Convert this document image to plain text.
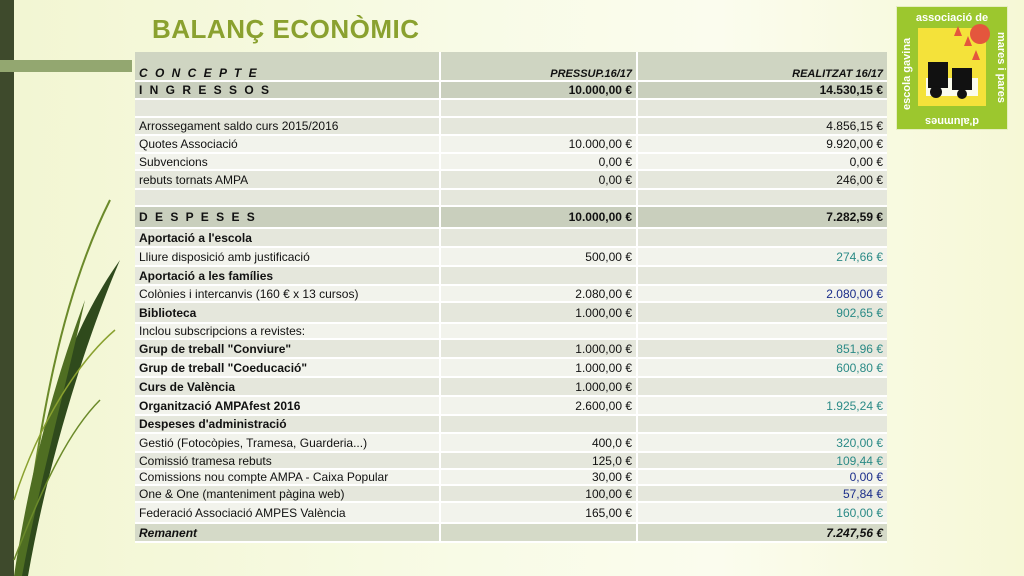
BALANÇ ECONÒMIC	associació de
mares i pares
escola gavina
d'alumnes
C O N C E P T E	PRESSUP.16/17	REALITZAT 16/17
I N G R E S S O S	10.000,00 €	14.530,15 €

Arrossegament saldo curs 2015/2016		4.856,15 €
Quotes Associació	10.000,00 €	9.920,00 €
Subvencions	0,00 €	0,00 €
rebuts tornats AMPA	0,00 €	246,00 €

D E S P E S E S	10.000,00 €	7.282,59 €
Aportació a l'escola		
Lliure disposició amb justificació	500,00 €	274,66 €
Aportació a les famílies		
Colònies i intercanvis (160 € x 13 cursos)	2.080,00 €	2.080,00 €
Biblioteca	1.000,00 €	902,65 €
Inclou subscripcions a revistes:		
Grup de treball "Conviure"	1.000,00 €	851,96 €
Grup de treball "Coeducació"	1.000,00 €	600,80 €
Curs de València	1.000,00 €	
Organització AMPAfest 2016	2.600,00 €	1.925,24 €
Despeses d'administració		
Gestió (Fotocòpies, Tramesa, Guarderia...)	400,0 €	320,00 €
Comissió tramesa rebuts	125,0 €	109,44 €
Comissions nou compte AMPA - Caixa Popular	30,00 €	0,00 €
One & One (manteniment pàgina web)	100,00 €	57,84 €
Federació Associació AMPES València	165,00 €	160,00 €
Remanent		7.247,56 €
